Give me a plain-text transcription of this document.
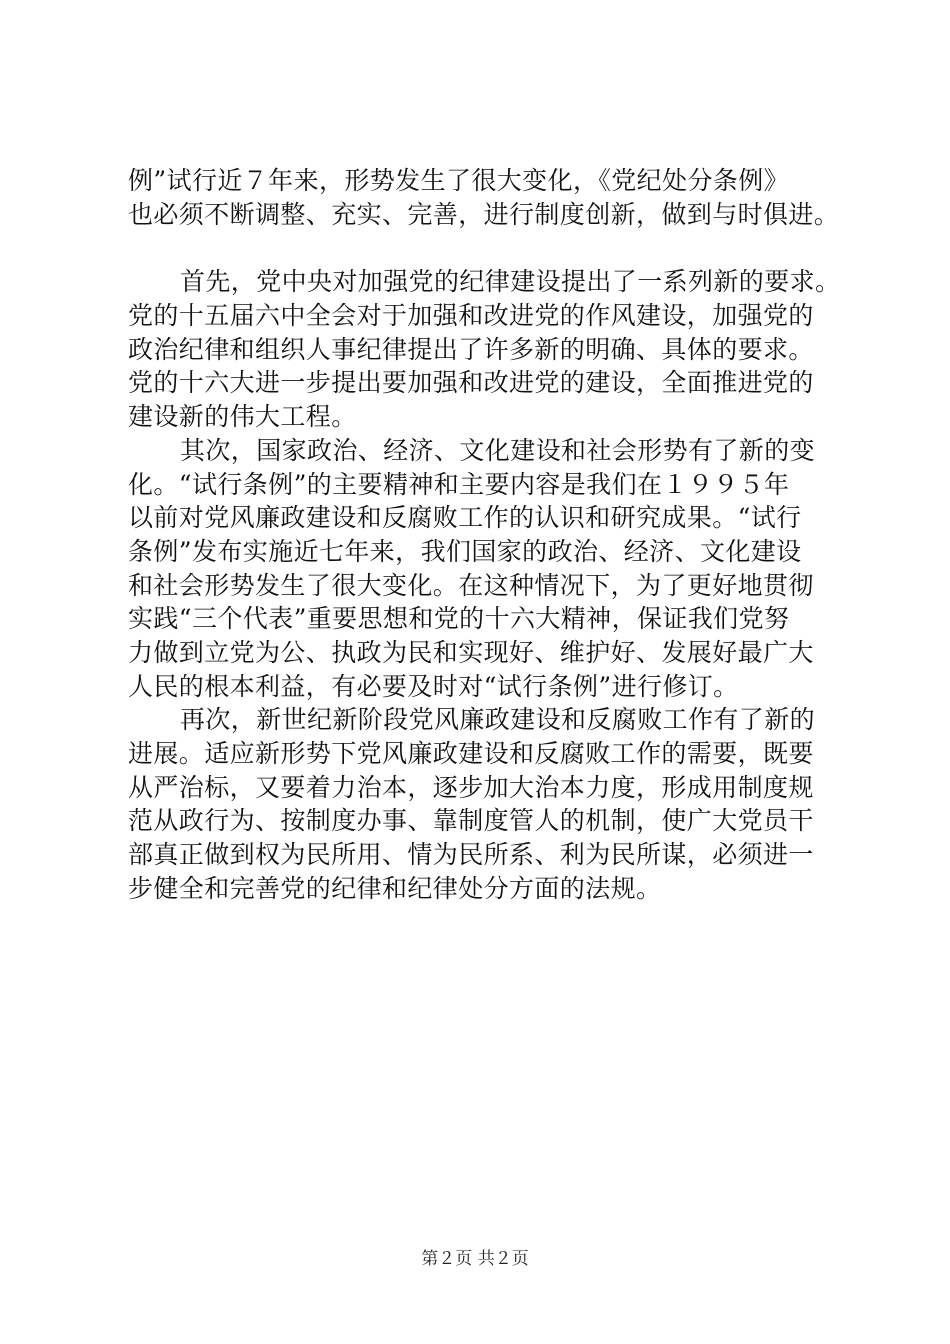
例”试行近７年来，形势发生了很大变化，《党纪处分条例》
也必须不断调整、充实、完善，进行制度创新，做到与时俱进。
首先，党中央对加强党的纪律建设提出了一系列新的要求。
党的十五届六中全会对于加强和改进党的作风建设，加强党的
政治纪律和组织人事纪律提出了许多新的明确、具体的要求。
党的十六大进一步提出要加强和改进党的建设，全面推进党的
建设新的伟大工程。
其次，国家政治、经济、文化建设和社会形势有了新的变
化。“试行条例”的主要精神和主要内容是我们在１９９５年
以前对党风廉政建设和反腐败工作的认识和研究成果。“试行
条例”发布实施近七年来，我们国家的政治、经济、文化建设
和社会形势发生了很大变化。在这种情况下，为了更好地贯彻
实践“三个代表”重要思想和党的十六大精神，保证我们党努
力做到立党为公、执政为民和实现好、维护好、发展好最广大
人民的根本利益，有必要及时对“试行条例”进行修订。
再次，新世纪新阶段党风廉政建设和反腐败工作有了新的
进展。适应新形势下党风廉政建设和反腐败工作的需要，既要
从严治标，又要着力治本，逐步加大治本力度，形成用制度规
范从政行为、按制度办事、靠制度管人的机制，使广大党员干
部真正做到权为民所用、情为民所系、利为民所谋，必须进一
步健全和完善党的纪律和纪律处分方面的法规。
第２页 共２页
